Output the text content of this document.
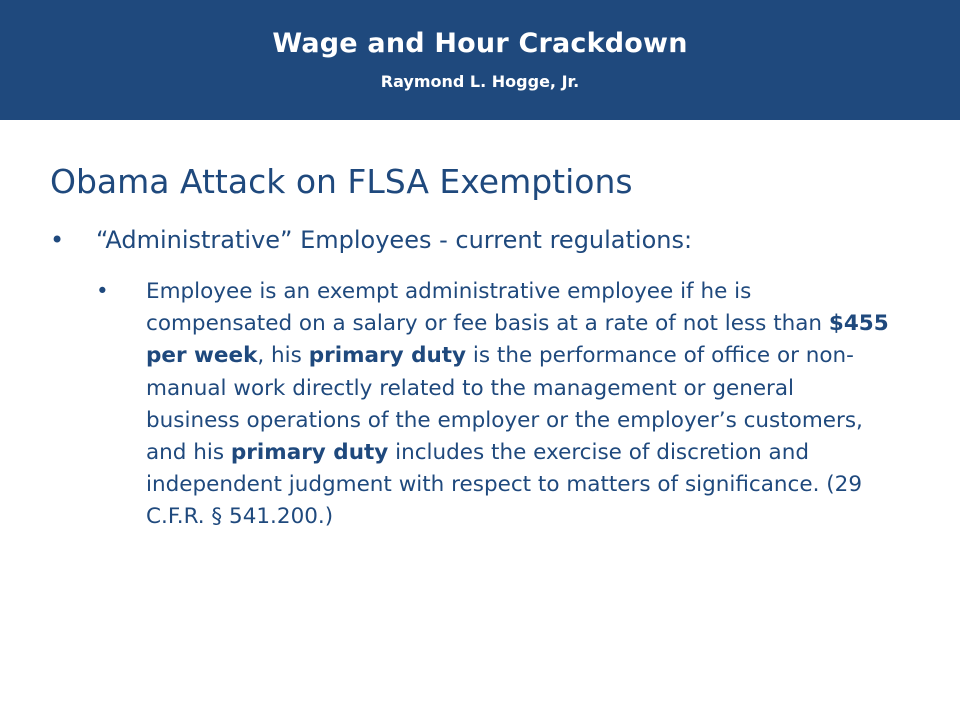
Wage and Hour Crackdown
Raymond L. Hogge, Jr.
Obama Attack on FLSA Exemptions
•	“Administrative” Employees - current regulations:
• Employee is an exempt administrative employee if he is compensated on a salary or fee basis at a rate of not less than $455 per week, his primary duty is the performance of office or non-manual work directly related to the management or general business operations of the employer or the employer’s customers, and his primary duty includes the exercise of discretion and independent judgment with respect to matters of significance. (29 C.F.R. § 541.200.)
